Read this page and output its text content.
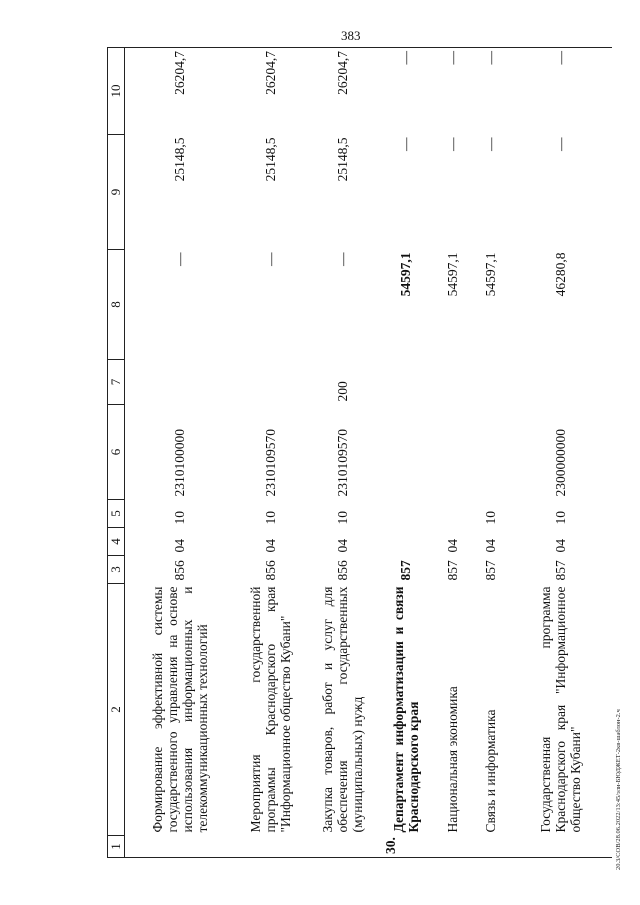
383
20.3/СОВ/28.06.2022/13:45/эли-БЮДЖЕТ-2кв-шаблон-2.ч
1	2	3	4	5	6	7	8	9	10
	Формирование эффективной системы государственного управления на основе использования информационных и телекоммуникационных технологий	856	04	10	2310100000		—	25148,5	26204,7
	Мероприятия государственной программы Краснодарского края "Информационное общество Кубани"	856	04	10	2310109570		—	25148,5	26204,7
	Закупка товаров, работ и услуг для обеспечения государственных (муниципальных) нужд	856	04	10	2310109570	200	—	25148,5	26204,7
30.	Департамент информатизации и связи Краснодарского края	857					54597,1	—	—
	Национальная экономика	857	04				54597,1	—	—
	Связь и информатика	857	04	10			54597,1	—	—
	Государственная программа Краснодарского края "Информационное общество Кубани"	857	04	10	2300000000		46280,8	—	—
